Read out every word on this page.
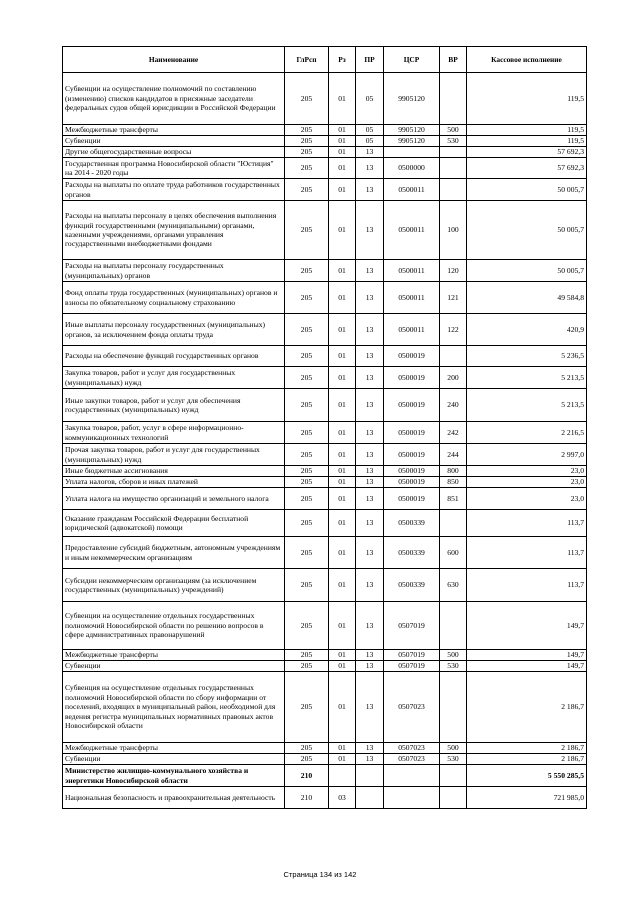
Наименование	ГлРсп	Рз	ПР	ЦСР	ВР	Кассовое исполнение
Субвенции на осуществление полномочий по составлению (изменению) списков кандидатов в присяжные заседатели федеральных судов общей юрисдикции в Российской Федерации	205	01	05	9905120		119,5
Межбюджетные трансферты	205	01	05	9905120	500	119,5
Субвенции	205	01	05	9905120	530	119,5
Другие общегосударственные вопросы	205	01	13			57 692,3
Государственная программа Новосибирской области "Юстиция" на 2014 - 2020 годы	205	01	13	0500000		57 692,3
Расходы на выплаты по оплате труда работников государственных органов	205	01	13	0500011		50 005,7
Расходы на выплаты персоналу в целях обеспечения выполнения функций государственными (муниципальными) органами, казенными учреждениями, органами управления государственными внебюджетными фондами	205	01	13	0500011	100	50 005,7
Расходы на выплаты персоналу государственных (муниципальных) органов	205	01	13	0500011	120	50 005,7
Фонд оплаты труда государственных (муниципальных) органов и взносы по обязательному социальному страхованию	205	01	13	0500011	121	49 584,8
Иные выплаты персоналу государственных (муниципальных) органов, за исключением фонда оплаты труда	205	01	13	0500011	122	420,9
Расходы на обеспечение функций государственных органов	205	01	13	0500019		5 236,5
Закупка товаров, работ и услуг для государственных (муниципальных) нужд	205	01	13	0500019	200	5 213,5
Иные закупки товаров, работ и услуг для обеспечения государственных (муниципальных) нужд	205	01	13	0500019	240	5 213,5
Закупка товаров, работ, услуг в сфере информационно-коммуникационных технологий	205	01	13	0500019	242	2 216,5
Прочая закупка товаров, работ и услуг для государственных (муниципальных) нужд	205	01	13	0500019	244	2 997,0
Иные бюджетные ассигнования	205	01	13	0500019	800	23,0
Уплата налогов, сборов и иных платежей	205	01	13	0500019	850	23,0
Уплата налога на имущество организаций и земельного налога	205	01	13	0500019	851	23,0
Оказание гражданам Российской Федерации бесплатной юридической (адвокатской) помощи	205	01	13	0500339		113,7
Предоставление субсидий бюджетным, автономным учреждениям и иным некоммерческим организациям	205	01	13	0500339	600	113,7
Субсидии некоммерческим организациям (за исключением государственных (муниципальных) учреждений)	205	01	13	0500339	630	113,7
Субвенции на осуществление отдельных государственных полномочий Новосибирской области по решению вопросов в сфере административных правонарушений	205	01	13	0507019		149,7
Межбюджетные трансферты	205	01	13	0507019	500	149,7
Субвенции	205	01	13	0507019	530	149,7
Субвенция на осуществление отдельных государственных полномочий Новосибирской области по сбору информации от поселений, входящих в муниципальный район, необходимой для ведения регистра муниципальных нормативных правовых актов Новосибирской области	205	01	13	0507023		2 186,7
Межбюджетные трансферты	205	01	13	0507023	500	2 186,7
Субвенции	205	01	13	0507023	530	2 186,7
Министерство жилищно-коммунального хозяйства и энергетики Новосибирской области	210					5 550 285,5
Национальная безопасность и правоохранительная деятельность	210	03				721 985,0
Страница 134 из 142
